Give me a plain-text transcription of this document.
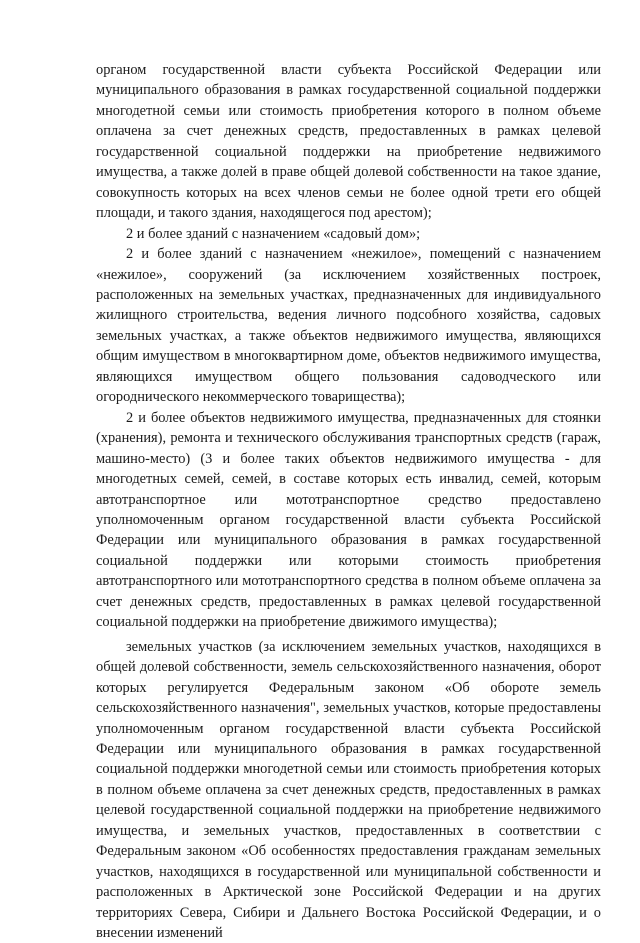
органом государственной власти субъекта Российской Федерации или муниципального образования в рамках государственной социальной поддержки многодетной семьи или стоимость приобретения которого в полном объеме оплачена за счет денежных средств, предоставленных в рамках целевой государственной социальной поддержки на приобретение недвижимого имущества, а также долей в праве общей долевой собственности на такое здание, совокупность которых на всех членов семьи не более одной трети его общей площади, и такого здания, находящегося под арестом);

2 и более зданий с назначением «садовый дом»;

2 и более зданий с назначением «нежилое», помещений с назначением «нежилое», сооружений (за исключением хозяйственных построек, расположенных на земельных участках, предназначенных для индивидуального жилищного строительства, ведения личного подсобного хозяйства, садовых земельных участках, а также объектов недвижимого имущества, являющихся общим имуществом в многоквартирном доме, объектов недвижимого имущества, являющихся имуществом общего пользования садоводческого или огороднического некоммерческого товарищества);

2 и более объектов недвижимого имущества, предназначенных для стоянки (хранения), ремонта и технического обслуживания транспортных средств (гараж, машино-место) (3 и более таких объектов недвижимого имущества - для многодетных семей, семей, в составе которых есть инвалид, семей, которым автотранспортное или мототранспортное средство предоставлено уполномоченным органом государственной власти субъекта Российской Федерации или муниципального образования в рамках государственной социальной поддержки или которыми стоимость приобретения автотранспортного или мототранспортного средства в полном объеме оплачена за счет денежных средств, предоставленных в рамках целевой государственной социальной поддержки на приобретение движимого имущества);

земельных участков (за исключением земельных участков, находящихся в общей долевой собственности, земель сельскохозяйственного назначения, оборот которых регулируется Федеральным законом «Об обороте земель сельскохозяйственного назначения", земельных участков, которые предоставлены уполномоченным органом государственной власти субъекта Российской Федерации или муниципального образования в рамках государственной социальной поддержки многодетной семьи или стоимость приобретения которых в полном объеме оплачена за счет денежных средств, предоставленных в рамках целевой государственной социальной поддержки на приобретение недвижимого имущества, и земельных участков, предоставленных в соответствии с Федеральным законом «Об особенностях предоставления гражданам земельных участков, находящихся в государственной или муниципальной собственности и расположенных в Арктической зоне Российской Федерации и на других территориях Севера, Сибири и Дальнего Востока Российской Федерации, и о внесении изменений
